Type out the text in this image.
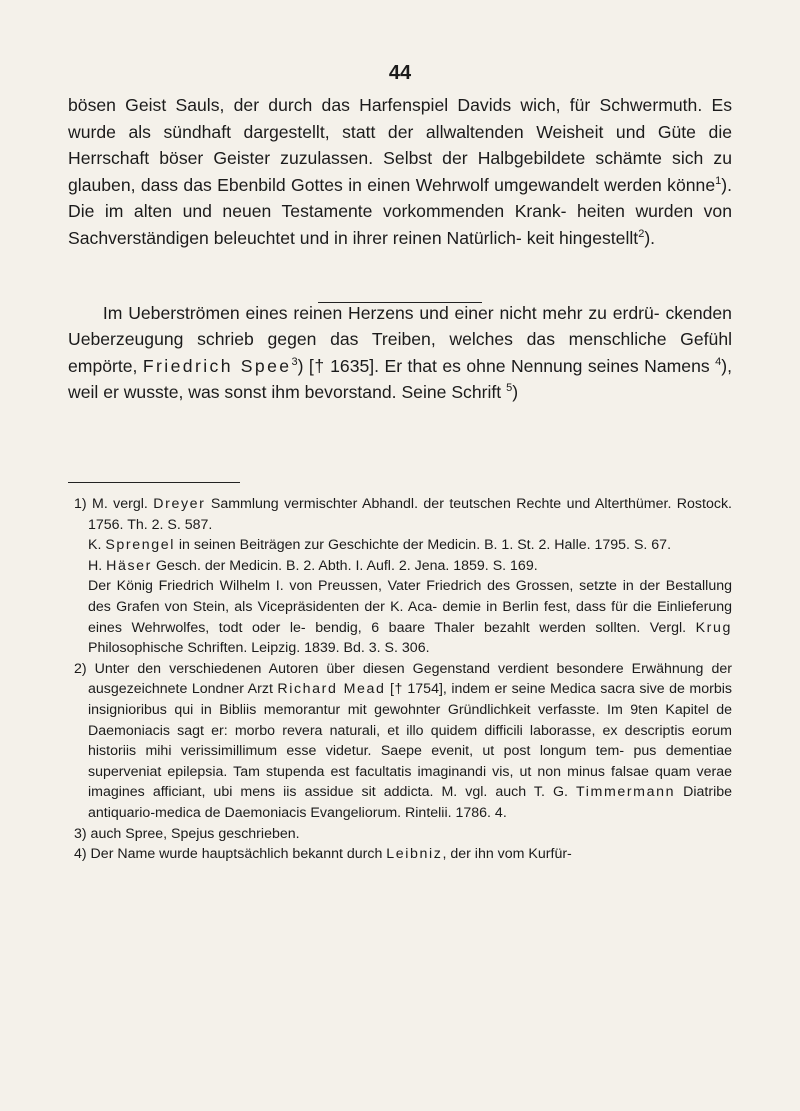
44

bösen Geist Sauls, der durch das Harfenspiel Davids wich, für Schwermuth. Es wurde als sündhaft dargestellt, statt der allwaltenden Weisheit und Güte die Herrschaft böser Geister zuzulassen. Selbst der Halbgebildete schämte sich zu glauben, dass das Ebenbild Gottes in einen Wehrwolf umgewandelt werden könne$^1$). Die im alten und neuen Testamente vorkommenden Krank- heiten wurden von Sachverständigen beleuchtet und in ihrer reinen Natürlich- keit hingestellt$^2$).

Im Ueberströmen eines reinen Herzens und einer nicht mehr zu erdrü- ckenden Ueberzeugung schrieb gegen das Treiben, welches das menschliche Gefühl empörte, Friedrich Spee$^3$) [† 1635]. Er that es ohne Nennung seines Namens $^4$), weil er wusste, was sonst ihm bevorstand. Seine Schrift $^5$)

1) M. vergl. Dreyer Sammlung vermischter Abhandl. der teutschen Rechte und Alterthümer. Rostock. 1756. Th. 2. S. 587.

K. Sprengel in seinen Beiträgen zur Geschichte der Medicin. B. 1. St. 2. Halle. 1795. S. 67.

H. Häser Gesch. der Medicin. B. 2. Abth. I. Aufl. 2. Jena. 1859. S. 169.

Der König Friedrich Wilhelm I. von Preussen, Vater Friedrich des Grossen, setzte in der Bestallung des Grafen von Stein, als Vicepräsidenten der K. Aca- demie in Berlin fest, dass für die Einlieferung eines Wehrwolfes, todt oder le- bendig, 6 baare Thaler bezahlt werden sollten. Vergl. Krug Philosophische Schriften. Leipzig. 1839. Bd. 3. S. 306.

2) Unter den verschiedenen Autoren über diesen Gegenstand verdient besondere Erwähnung der ausgezeichnete Londner Arzt Richard Mead [† 1754], indem er seine Medica sacra sive de morbis insignioribus qui in Bibliis memorantur mit gewohnter Gründlichkeit verfasste. Im 9ten Kapitel de Daemoniacis sagt er: morbo revera naturali, et illo quidem difficili laborasse, ex descriptis eorum historiis mihi verissimillimum esse videtur. Saepe evenit, ut post longum tem- pus dementiae superveniat epilepsia. Tam stupenda est facultatis imaginandi vis, ut non minus falsae quam verae imagines afficiant, ubi mens iis assidue sit addicta. M. vgl. auch T. G. Timmermann Diatribe antiquario-medica de Daemoniacis Evangeliorum. Rintelii. 1786. 4.

3) auch Spree, Spejus geschrieben.

4) Der Name wurde hauptsächlich bekannt durch Leibniz, der ihn vom Kurfür-
